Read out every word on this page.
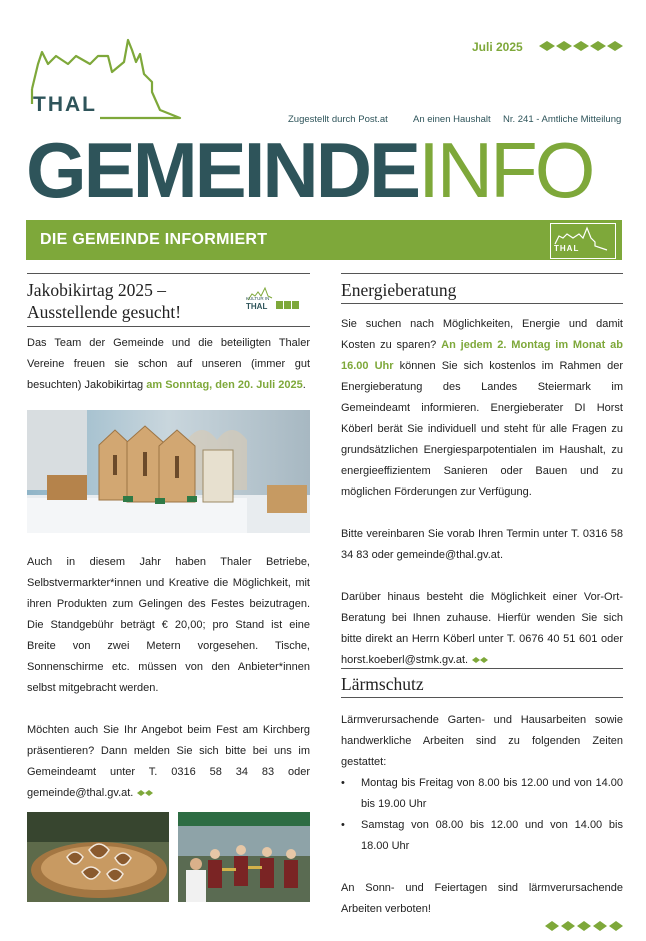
THAL
Juli 2025
Zugestellt durch Post.at	An einen Haushalt Nr. 241 - Amtliche Mitteilung
GEMEINDEINFO
DIE GEMEINDE INFORMIERT
THAL
Jakobikirtag 2025 –
Ausstellende gesucht!
KULTUR IN
THAL

Das Team der Gemeinde und die beteiligten Thaler Vereine freuen sie schon auf unseren (immer gut besuchten) Jakobikirtag am Sonntag, den 20. Juli 2025.

Auch in diesem Jahr haben Thaler Betriebe, Selbstvermarkter*innen und Kreative die Möglichkeit, mit ihren Produkten zum Gelingen des Festes beizutragen. Die Standgebühr beträgt € 20,00; pro Stand ist eine Breite von zwei Metern vorgesehen. Tische, Sonnenschirme etc. müssen von den Anbieter*innen selbst mitgebracht werden.

Möchten auch Sie Ihr Angebot beim Fest am Kirchberg präsentieren? Dann melden Sie sich bitte bei uns im Gemeindeamt unter T. 0316 58 34 83 oder gemeinde@thal.gv.at.

Energieberatung

Sie suchen nach Möglichkeiten, Energie und damit Kosten zu sparen? An jedem 2. Montag im Monat ab 16.00 Uhr können Sie sich kostenlos im Rahmen der Energieberatung des Landes Steiermark im Gemeindeamt informieren. Energieberater DI Horst Köberl berät Sie individuell und steht für alle Fragen zu grundsätzlichen Energiesparpotentialen im Haushalt, zu energieeffizientem Sanieren oder Bauen und zu möglichen Förderungen zur Verfügung.

Bitte vereinbaren Sie vorab Ihren Termin unter T. 0316 58 34 83 oder gemeinde@thal.gv.at.

Darüber hinaus besteht die Möglichkeit einer Vor-Ort-Beratung bei Ihnen zuhause. Hierfür wenden Sie sich bitte direkt an Herrn Köberl unter T. 0676 40 51 601 oder horst.koeberl@stmk.gv.at.

Lärmschutz

Lärmverursachende Garten- und Hausarbeiten sowie handwerkliche Arbeiten sind zu folgenden Zeiten gestattet:

• Montag bis Freitag von 8.00 bis 12.00 und von 14.00 bis 19.00 Uhr
• Samstag von 08.00 bis 12.00 und von 14.00 bis 18.00 Uhr

An Sonn- und Feiertagen sind lärmverursachende Arbeiten verboten!
